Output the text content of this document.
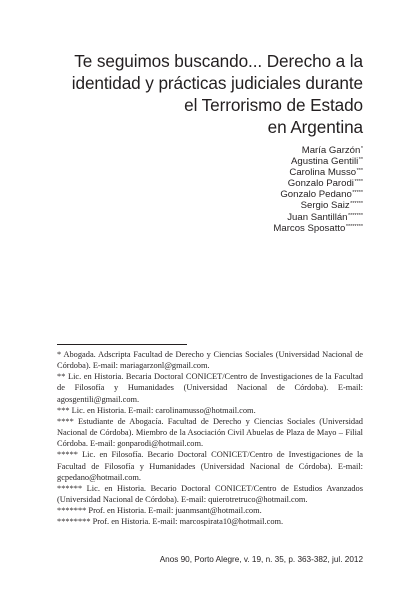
Te seguimos buscando... Derecho a la
identidad y prácticas judiciales durante
el Terrorismo de Estado
en Argentina
María Garzón*
Agustina Gentili**
Carolina Musso***
Gonzalo Parodi****
Gonzalo Pedano*****
Sergio Saiz******
Juan Santillán*******
Marcos Sposatto********

* Abogada. Adscripta Facultad de Derecho y Ciencias Sociales (Universidad Nacional de Córdoba). E-mail: mariagarzonl@gmail.com.

** Lic. en Historia. Becaria Doctoral CONICET/Centro de Investigaciones de la Facultad de Filosofía y Humanidades (Universidad Nacional de Córdoba). E-mail: agosgentili@gmail.com.

*** Lic. en Historia. E-mail: carolinamusso@hotmail.com.

**** Estudiante de Abogacía. Facultad de Derecho y Ciencias Sociales (Universidad Nacional de Córdoba). Miembro de la Asociación Civil Abuelas de Plaza de Mayo – Filial Córdoba. E-mail: gonparodi@hotmail.com.

***** Lic. en Filosofía. Becario Doctoral CONICET/Centro de Investigaciones de la Facultad de Filosofía y Humanidades (Universidad Nacional de Córdoba). E-mail: gcpedano@hotmail.com.

****** Lic. en Historia. Becario Doctoral CONICET/Centro de Estudios Avanzados (Universidad Nacional de Córdoba). E-mail: quierotretruco@hotmail.com.

******* Prof. en Historia. E-mail: juanmsant@hotmail.com.

******** Prof. en Historia. E-mail: marcospirata10@hotmail.com.

Anos 90, Porto Alegre, v. 19, n. 35, p. 363-382, jul. 2012
